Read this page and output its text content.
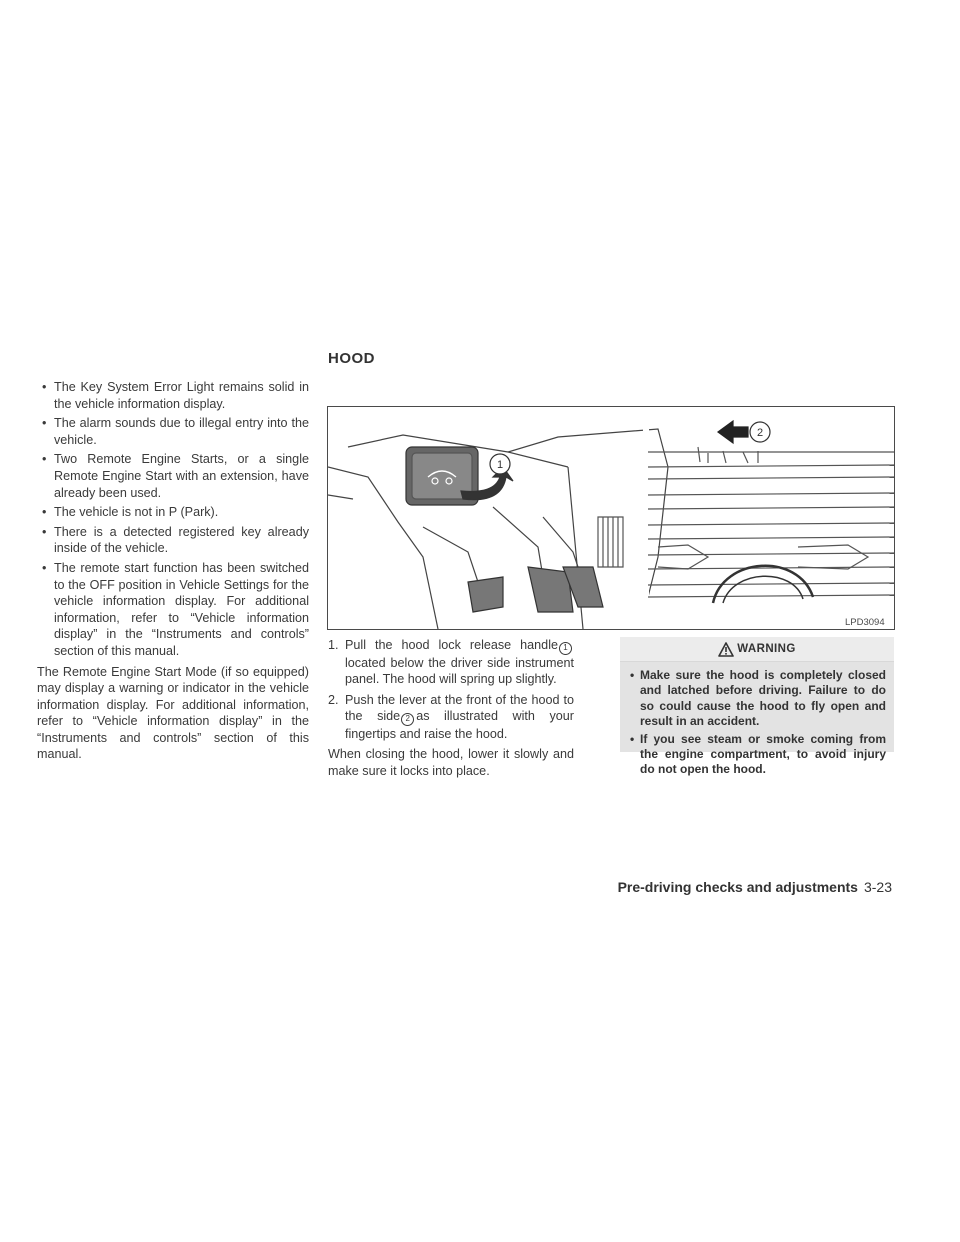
• The Key System Error Light remains solid in the vehicle information display.
• The alarm sounds due to illegal entry into the vehicle.
• Two Remote Engine Starts, or a single Remote Engine Start with an extension, have already been used.
• The vehicle is not in P (Park).
• There is a detected registered key already inside of the vehicle.
• The remote start function has been switched to the OFF position in Vehicle Settings for the vehicle information display. For additional information, refer to “Vehicle information display” in the “Instruments and controls” section of this manual.

The Remote Engine Start Mode (if so equipped) may display a warning or indicator in the vehicle information display. For additional information, refer to “Vehicle information display” in the “Instruments and controls” section of this manual.

HOOD
1
2
LPD3094
1. Pull the hood lock release handle 1located below the driver side instrument panel. The hood will spring up slightly.
2. Push the lever at the front of the hood to the side 2 as illustrated with your fingertips and raise the hood.

When closing the hood, lower it slowly and make sure it locks into place.

WARNING
• Make sure the hood is completely closed and latched before driving. Failure to do so could cause the hood to fly open and result in an accident.
• If you see steam or smoke coming from the engine compartment, to avoid injury do not open the hood.
Pre-driving checks and adjustments 3-23
